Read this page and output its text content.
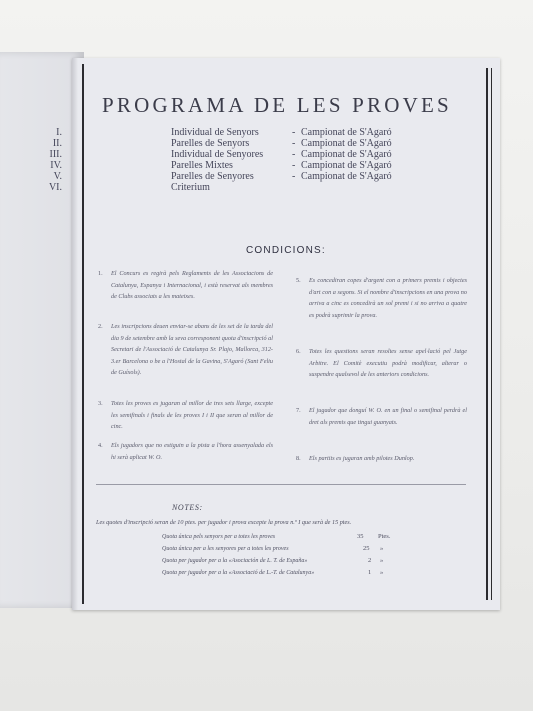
PROGRAMA DE LES PROVES
I.	Individual de Senyors	- Campionat de S'Agaró
II.	Parelles de Senyors	- Campionat de S'Agaró
III.	Individual de Senyores	- Campionat de S'Agaró
IV.	Parelles Mixtes	- Campionat de S'Agaró
V.	Parelles de Senyores	- Campionat de S'Agaró
VI.	Criterium
CONDICIONS:
1. El Concurs es regirà pels Reglaments de les Associacions de Catalunya, Espanya i Internacional, i està reservat als membres de Clubs associats a les mateixes.
2. Les inscripcions deuen enviar-se abans de les set de la tarda del dia 9 de setembre amb la seva corresponent quota d'inscripció al Secretari de l'Associació de Catalunya Sr. Plajo, Mallorca, 312-3.er Barcelona o be a l'Hostal de la Gavina, S'Agaró (Sant Feliu de Guíxols).
3. Totes les proves es jugaran al millor de tres sets llarge, excepte les semifinals i finals de les proves I i II que seran al millor de cinc.
4. Els jugadors que no estiguin a la pista a l'hora assenyalada els hi serà aplicat W. O.
5. Es concediran copes d'argent con a primers premis i objectes d'art con a segons. Si el nombre d'inscripcions en una prova no arriva a cinc es concedirà un sol premi i si no arriva a quatre es podrà suprimir la prova.
6. Totes les questions seran resoltes sense apel·lació pel Jutge Arbitre. El Comitè executiu podrà modificar, alterar o suspendre qualsevol de les anteriors condicions.
7. El jugador que donguí W. O. en un final o semifinal perdrà el dret als premis que tingui guanyats.
8. Els partits es jugaran amb pilotes Dunlop.
NOTES:
Les quotes d'inscripció seran de 10 ptes. per jugador i prova excepte la prova n.º I que serà de 15 ptes.
Quota única pels senyors per a totes les proves	35 Ptes.
Quota única per a les senyores per a totes les proves	25 »
Quota per jugador per a la «Asociación de L. T. de España»	2 »
Quota per jugador per a la «Associació de L.-T. de Catalunya»	1 »
